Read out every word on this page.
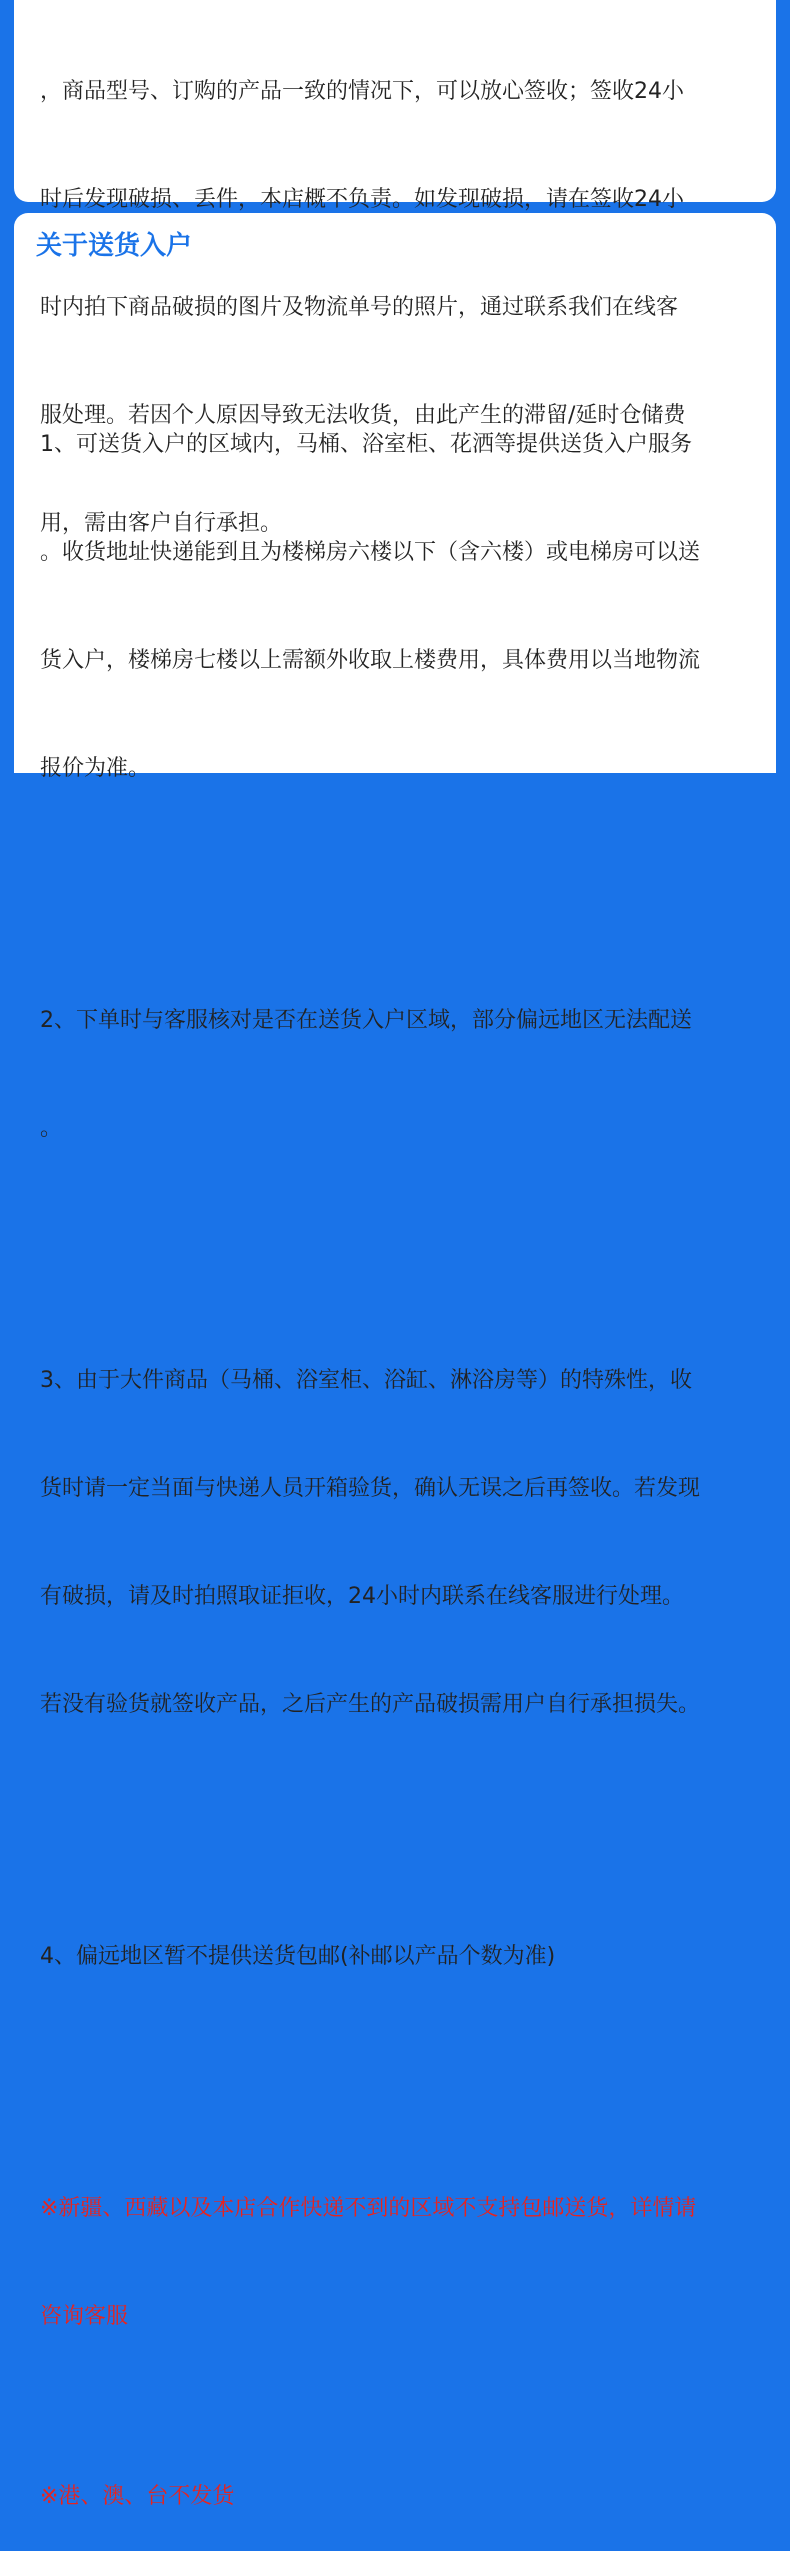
，商品型号、订购的产品一致的情况下，可以放心签收；签收24小

时后发现破损、丢件，本店概不负责。如发现破损，请在签收24小

时内拍下商品破损的图片及物流单号的照片，通过联系我们在线客

服处理。若因个人原因导致无法收货，由此产生的滞留/延时仓储费

用，需由客户自行承担。

关于送货入户

1、可送货入户的区域内，马桶、浴室柜、花洒等提供送货入户服务

。收货地址快递能到且为楼梯房六楼以下（含六楼）或电梯房可以送

货入户，楼梯房七楼以上需额外收取上楼费用，具体费用以当地物流

报价为准。

2、下单时与客服核对是否在送货入户区域，部分偏远地区无法配送

。

3、由于大件商品（马桶、浴室柜、浴缸、淋浴房等）的特殊性，收

货时请一定当面与快递人员开箱验货，确认无误之后再签收。若发现

有破损，请及时拍照取证拒收，24小时内联系在线客服进行处理。

若没有验货就签收产品，之后产生的产品破损需用户自行承担损失。

4、偏远地区暂不提供送货包邮(补邮以产品个数为准)

※新疆、西藏以及本店合作快递不到的区域不支持包邮送货，详情请

咨询客服

※港、澳、台不发货
